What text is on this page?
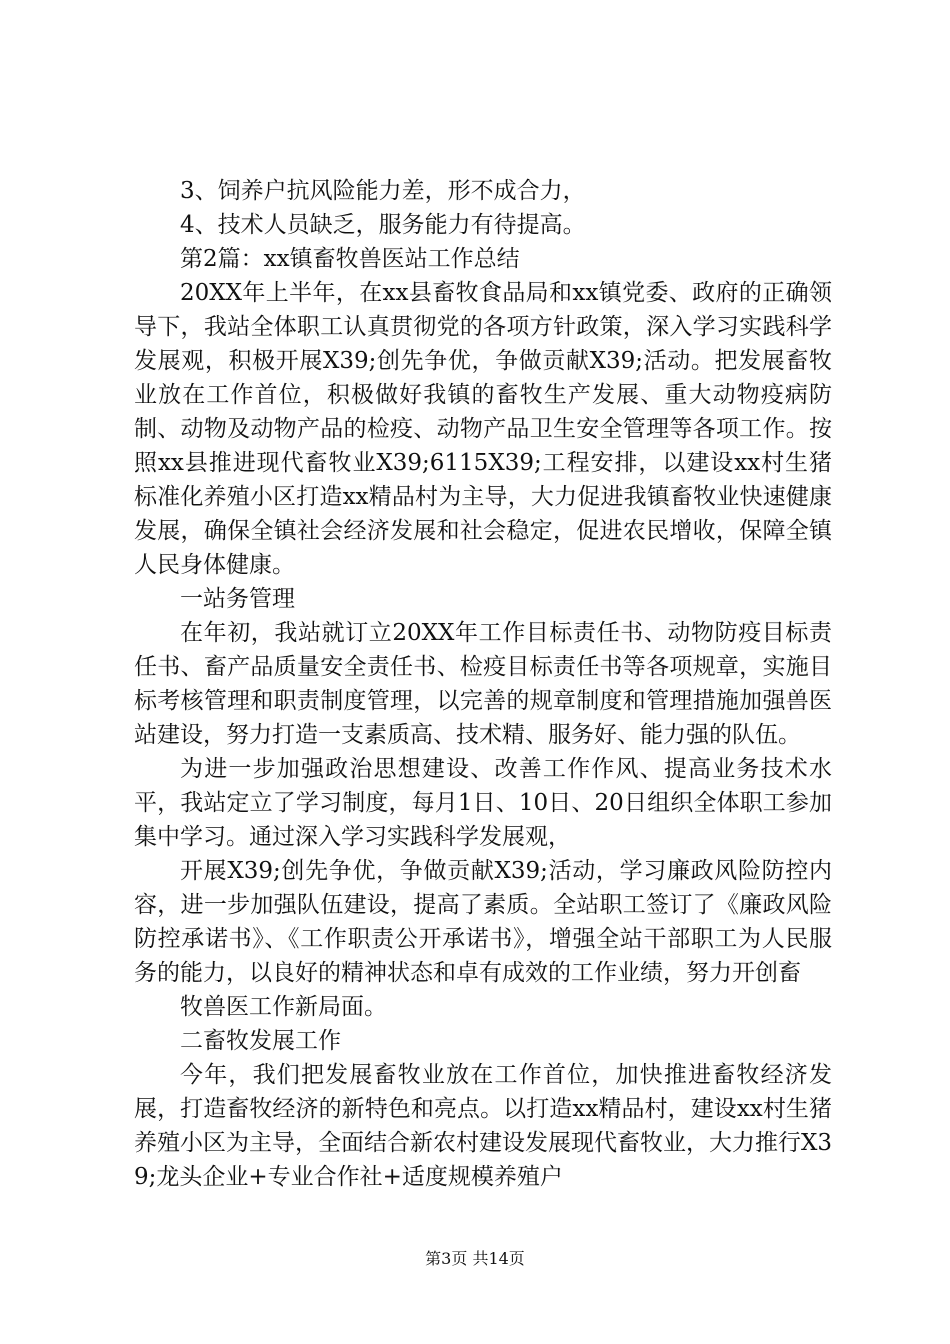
3、饲养户抗风险能力差，形不成合力，

4、技术人员缺乏，服务能力有待提高。

第2篇：xx镇畜牧兽医站工作总结

20XX年上半年，在xx县畜牧食品局和xx镇党委、政府的正确领导下，我站全体职工认真贯彻党的各项方针政策，深入学习实践科学发展观，积极开展X39;创先争优，争做贡献X39;活动。把发展畜牧业放在工作首位，积极做好我镇的畜牧生产发展、重大动物疫病防制、动物及动物产品的检疫、动物产品卫生安全管理等各项工作。按照xx县推进现代畜牧业X39;6115X39;工程安排，以建设xx村生猪标准化养殖小区打造xx精品村为主导，大力促进我镇畜牧业快速健康发展，确保全镇社会经济发展和社会稳定，促进农民增收，保障全镇人民身体健康。

一站务管理

在年初，我站就订立20XX年工作目标责任书、动物防疫目标责任书、畜产品质量安全责任书、检疫目标责任书等各项规章，实施目标考核管理和职责制度管理，以完善的规章制度和管理措施加强兽医站建设，努力打造一支素质高、技术精、服务好、能力强的队伍。

为进一步加强政治思想建设、改善工作作风、提高业务技术水平，我站定立了学习制度，每月1日、10日、20日组织全体职工参加集中学习。通过深入学习实践科学发展观，

开展X39;创先争优，争做贡献X39;活动，学习廉政风险防控内容，进一步加强队伍建设，提高了素质。全站职工签订了《廉政风险防控承诺书》、《工作职责公开承诺书》，增强全站干部职工为人民服务的能力，以良好的精神状态和卓有成效的工作业绩，努力开创畜

牧兽医工作新局面。

二畜牧发展工作

今年，我们把发展畜牧业放在工作首位，加快推进畜牧经济发展，打造畜牧经济的新特色和亮点。以打造xx精品村，建设xx村生猪养殖小区为主导，全面结合新农村建设发展现代畜牧业，大力推行X39;龙头企业+专业合作社+适度规模养殖户

第3页 共14页
